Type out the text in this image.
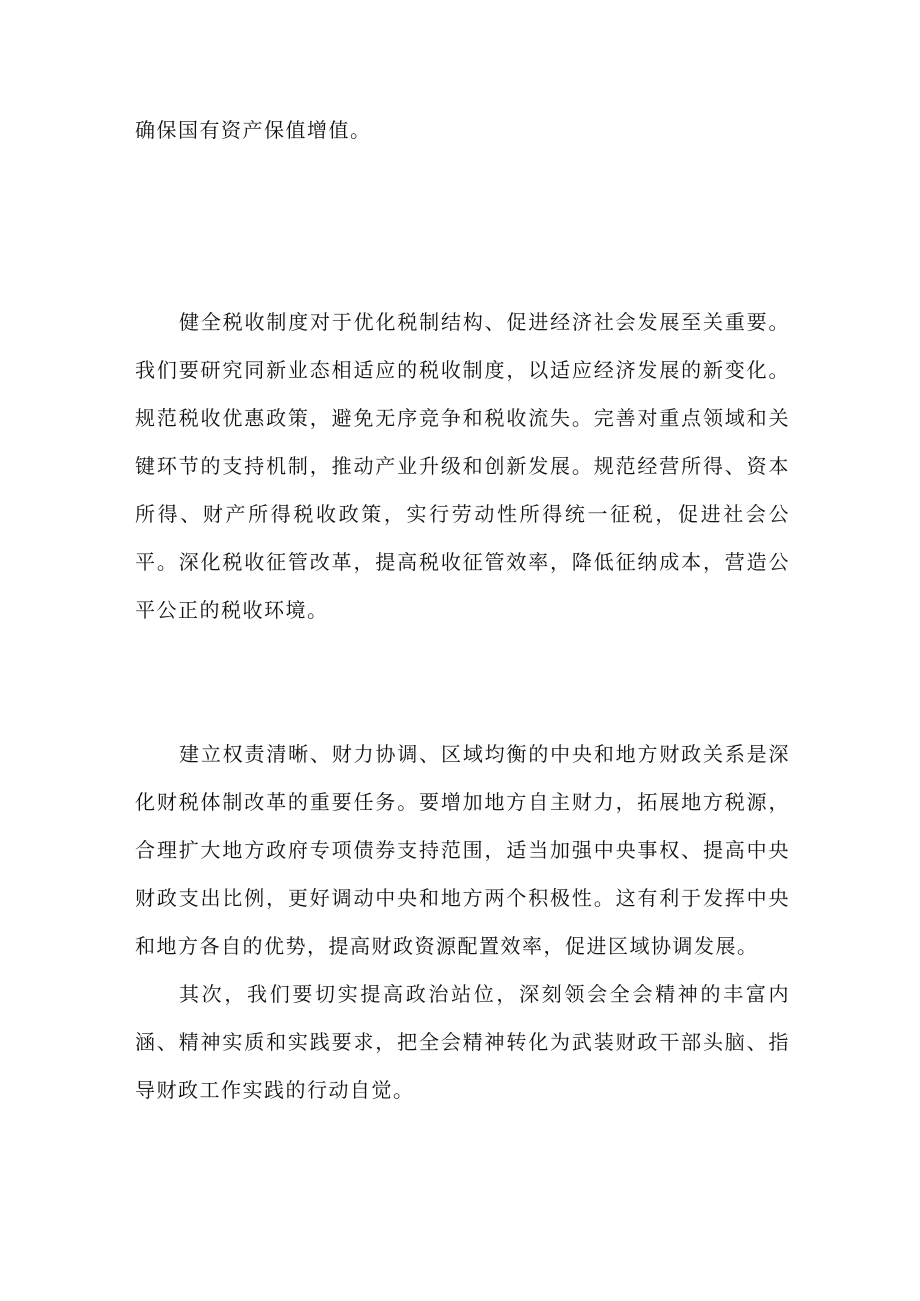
确保国有资产保值增值。

健全税收制度对于优化税制结构、促进经济社会发展至关重要。我们要研究同新业态相适应的税收制度，以适应经济发展的新变化。规范税收优惠政策，避免无序竞争和税收流失。完善对重点领域和关键环节的支持机制，推动产业升级和创新发展。规范经营所得、资本所得、财产所得税收政策，实行劳动性所得统一征税，促进社会公平。深化税收征管改革，提高税收征管效率，降低征纳成本，营造公平公正的税收环境。

建立权责清晰、财力协调、区域均衡的中央和地方财政关系是深化财税体制改革的重要任务。要增加地方自主财力，拓展地方税源，合理扩大地方政府专项债券支持范围，适当加强中央事权、提高中央财政支出比例，更好调动中央和地方两个积极性。这有利于发挥中央和地方各自的优势，提高财政资源配置效率，促进区域协调发展。

其次，我们要切实提高政治站位，深刻领会全会精神的丰富内涵、精神实质和实践要求，把全会精神转化为武装财政干部头脑、指导财政工作实践的行动自觉。
